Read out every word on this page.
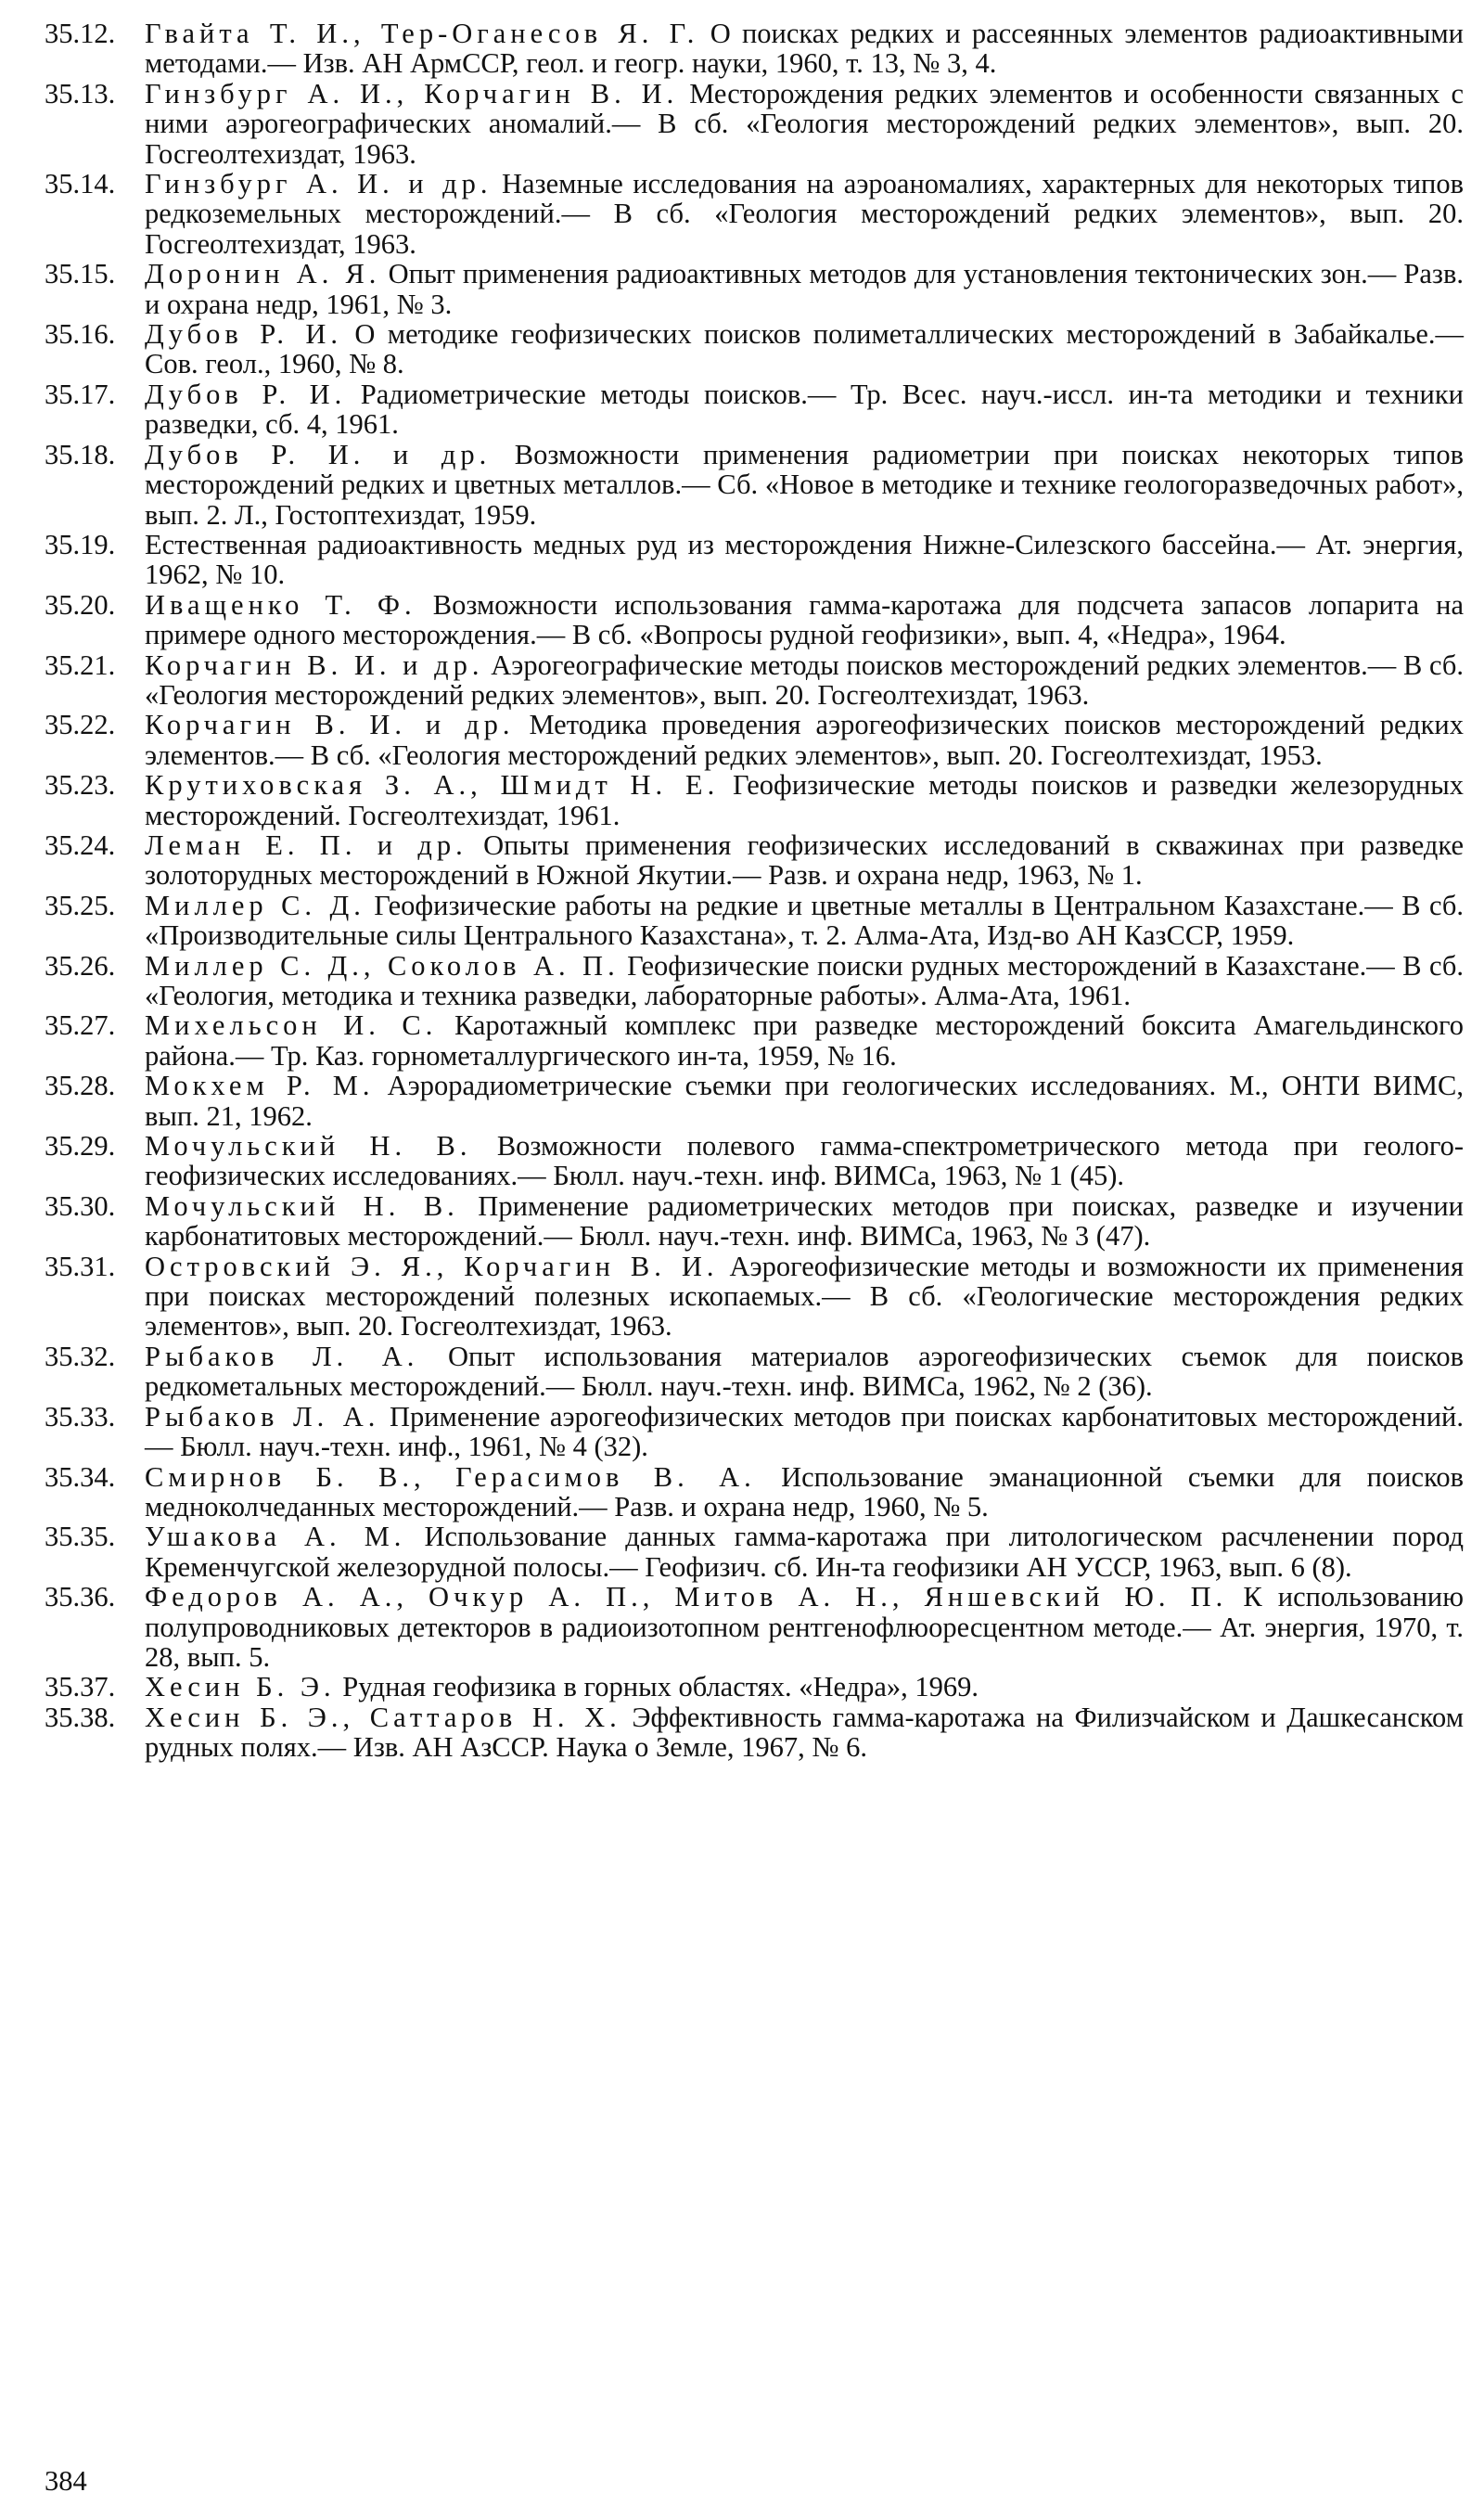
35.12.	Гвайта Т. И., Тер-Оганесов Я. Г. О поисках редких и рассеянных элементов радиоактивными методами.— Изв. АН АрмССР, геол. и геогр. науки, 1960, т. 13, № 3, 4.
35.13.	Гинзбург А. И., Корчагин В. И. Месторождения редких элементов и особенности связанных с ними аэрогеографических аномалий.— В сб. «Геология месторождений редких элементов», вып. 20. Госгеолтехиздат, 1963.
35.14.	Гинзбург А. И. и др. Наземные исследования на аэроаномалиях, характерных для некоторых типов редкоземельных месторождений.— В сб. «Геология месторождений редких элементов», вып. 20. Госгеолтехиздат, 1963.
35.15.	Доронин А. Я. Опыт применения радиоактивных методов для установления тектонических зон.— Разв. и охрана недр, 1961, № 3.
35.16.	Дубов Р. И. О методике геофизических поисков полиметаллических месторождений в Забайкалье.— Сов. геол., 1960, № 8.
35.17.	Дубов Р. И. Радиометрические методы поисков.— Тр. Всес. науч.-иссл. ин-та методики и техники разведки, сб. 4, 1961.
35.18.	Дубов Р. И. и др. Возможности применения радиометрии при поисках некоторых типов месторождений редких и цветных металлов.— Сб. «Новое в методике и технике геологоразведочных работ», вып. 2. Л., Гостоптехиздат, 1959.
35.19.	Естественная радиоактивность медных руд из месторождения Нижне-Силезского бассейна.— Ат. энергия, 1962, № 10.
35.20.	Иващенко Т. Ф. Возможности использования гамма-каротажа для подсчета запасов лопарита на примере одного месторождения.— В сб. «Вопросы рудной геофизики», вып. 4, «Недра», 1964.
35.21.	Корчагин В. И. и др. Аэрогеографические методы поисков месторождений редких элементов.— В сб. «Геология месторождений редких элементов», вып. 20. Госгеолтехиздат, 1963.
35.22.	Корчагин В. И. и др. Методика проведения аэрогеофизических поисков месторождений редких элементов.— В сб. «Геология месторождений редких элементов», вып. 20. Госгеолтехиздат, 1953.
35.23.	Крутиховская З. А., Шмидт Н. Е. Геофизические методы поисков и разведки железорудных месторождений. Госгеолтехиздат, 1961.
35.24.	Леман Е. П. и др. Опыты применения геофизических исследований в скважинах при разведке золоторудных месторождений в Южной Якутии.— Разв. и охрана недр, 1963, № 1.
35.25.	Миллер С. Д. Геофизические работы на редкие и цветные металлы в Центральном Казахстане.— В сб. «Производительные силы Центрального Казахстана», т. 2. Алма-Ата, Изд-во АН КазССР, 1959.
35.26.	Миллер С. Д., Соколов А. П. Геофизические поиски рудных месторождений в Казахстане.— В сб. «Геология, методика и техника разведки, лабораторные работы». Алма-Ата, 1961.
35.27.	Михельсон И. С. Каротажный комплекс при разведке месторождений боксита Амагельдинского района.— Тр. Каз. горнометаллургического ин-та, 1959, № 16.
35.28.	Мокхем Р. М. Аэрорадиометрические съемки при геологических исследованиях. М., ОНТИ ВИМС, вып. 21, 1962.
35.29.	Мочульский Н. В. Возможности полевого гамма-спектрометрического метода при геолого-геофизических исследованиях.— Бюлл. науч.-техн. инф. ВИМСа, 1963, № 1 (45).
35.30.	Мочульский Н. В. Применение радиометрических методов при поисках, разведке и изучении карбонатитовых месторождений.— Бюлл. науч.-техн. инф. ВИМСа, 1963, № 3 (47).
35.31.	Островский Э. Я., Корчагин В. И. Аэрогеофизические методы и возможности их применения при поисках месторождений полезных ископаемых.— В сб. «Геологические месторождения редких элементов», вып. 20. Госгеолтехиздат, 1963.
35.32.	Рыбаков Л. А. Опыт использования материалов аэрогеофизических съемок для поисков редкометальных месторождений.— Бюлл. науч.-техн. инф. ВИМСа, 1962, № 2 (36).
35.33.	Рыбаков Л. А. Применение аэрогеофизических методов при поисках карбонатитовых месторождений.— Бюлл. науч.-техн. инф., 1961, № 4 (32).
35.34.	Смирнов Б. В., Герасимов В. А. Использование эманационной съемки для поисков медноколчеданных месторождений.— Разв. и охрана недр, 1960, № 5.
35.35.	Ушакова А. М. Использование данных гамма-каротажа при литологическом расчленении пород Кременчугской железорудной полосы.— Геофизич. сб. Ин-та геофизики АН УССР, 1963, вып. 6 (8).
35.36.	Федоров А. А., Очкур А. П., Митов А. Н., Яншевский Ю. П. К использованию полупроводниковых детекторов в радиоизотопном рентгенофлюоресцентном методе.— Ат. энергия, 1970, т. 28, вып. 5.
35.37.	Хесин Б. Э. Рудная геофизика в горных областях. «Недра», 1969.
35.38.	Хесин Б. Э., Саттаров Н. Х. Эффективность гамма-каротажа на Филизчайском и Дашкесанском рудных полях.— Изв. АН АзССР. Наука о Земле, 1967, № 6.
384
